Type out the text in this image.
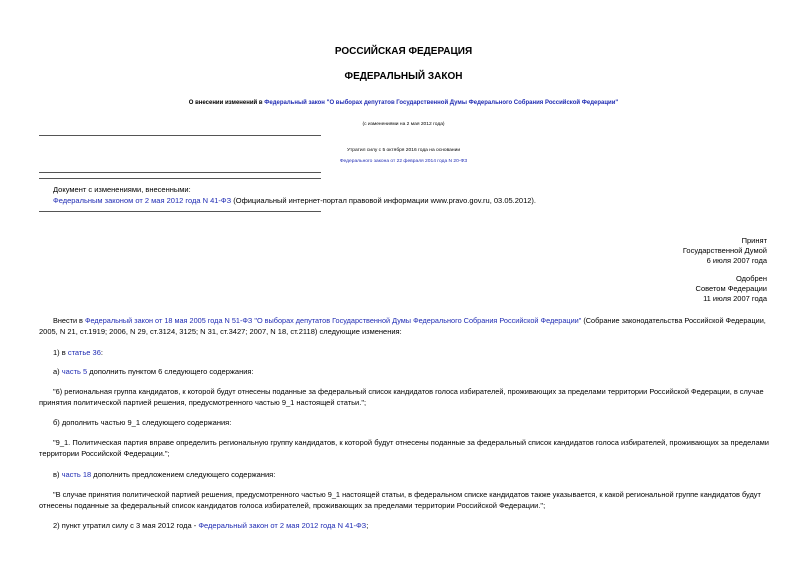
РОССИЙСКАЯ ФЕДЕРАЦИЯ
ФЕДЕРАЛЬНЫЙ ЗАКОН
О внесении изменений в Федеральный закон "О выборах депутатов Государственной Думы Федерального Собрания Российской Федерации"
(с изменениями на 2 мая 2012 года)
Утратил силу с 5 октября 2016 года на основании
Федерального закона от 22 февраля 2014 года N 20-ФЗ
Документ с изменениями, внесенными:
Федеральным законом от 2 мая 2012 года N 41-ФЗ (Официальный интернет-портал правовой информации www.pravo.gov.ru, 03.05.2012).
Принят
Государственной Думой
6 июля 2007 года
Одобрен
Советом Федерации
11 июля 2007 года
Внести в Федеральный закон от 18 мая 2005 года N 51-ФЗ "О выборах депутатов Государственной Думы Федерального Собрания Российской Федерации" (Собрание законодательства Российской Федерации,
2005, N 21, ст.1919; 2006, N 29, ст.3124, 3125; N 31, ст.3427; 2007, N 18, ст.2118) следующие изменения:
1) в статье 36:
а) часть 5 дополнить пунктом 6 следующего содержания:
"6) региональная группа кандидатов, к которой будут отнесены поданные за федеральный список кандидатов голоса избирателей, проживающих за пределами территории Российской Федерации, в случае
принятия политической партией решения, предусмотренного частью 9_1 настоящей статьи.";
б) дополнить частью 9_1 следующего содержания:
"9_1. Политическая партия вправе определить региональную группу кандидатов, к которой будут отнесены поданные за федеральный список кандидатов голоса избирателей, проживающих за пределами
территории Российской Федерации.";
в) часть 18 дополнить предложением следующего содержания:
"В случае принятия политической партией решения, предусмотренного частью 9_1 настоящей статьи, в федеральном списке кандидатов также указывается, к какой региональной группе кандидатов будут
отнесены поданные за федеральный список кандидатов голоса избирателей, проживающих за пределами территории Российской Федерации.";
2) пункт утратил силу с 3 мая 2012 года - Федеральный закон от 2 мая 2012 года N 41-ФЗ;
